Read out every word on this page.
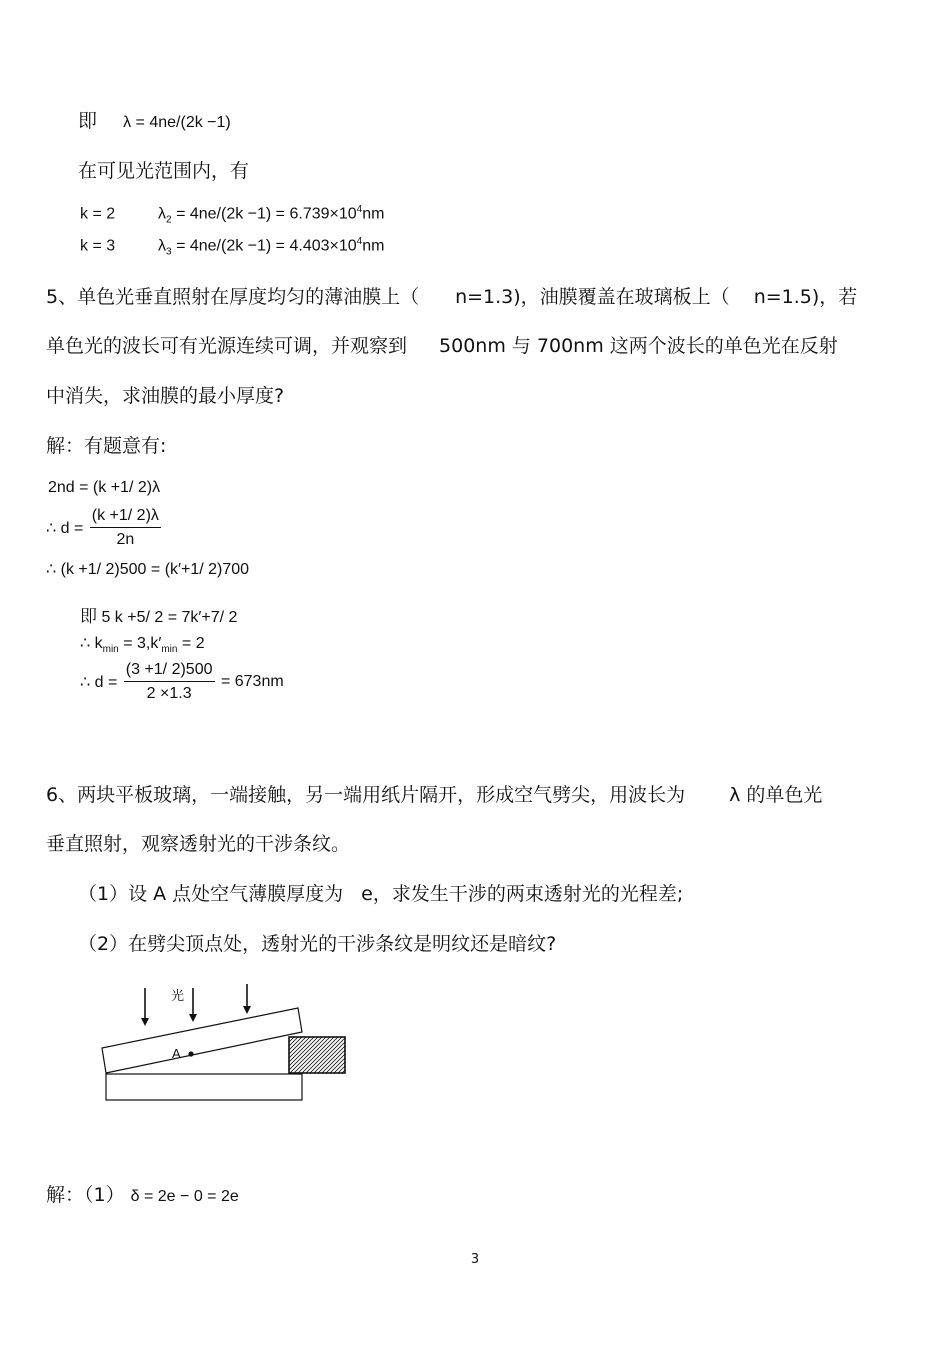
即 λ = 4ne/(2k −1)
在可见光范围内，有
k = 2	$\lambda_2 = 4ne/(2k -1) = 6.739\times 10^4nm$
k = 3	$\lambda_3 = 4ne/(2k -1) = 4.403\times 10^4nm$
5、单色光垂直照射在厚度均匀的薄油膜上（ n=1.3)，油膜覆盖在玻璃板上（ n=1.5)，若
单色光的波长可有光源连续可调，并观察到 500nm 与 700nm 这两个波长的单色光在反射
中消失，求油膜的最小厚度?
解：有题意有:
2nd = (k +1/ 2)λ
∴ $d = \frac{(k +1/ 2)\lambda}{2n}$
∴ (k +1/ 2)500 = (k′+1/ 2)700
即 5 k +5/ 2 = 7k′+7/ 2
∴ $k_{min} = 3,k'_{min} = 2$
∴ $d = \frac{(3 +1/ 2)500}{2 \times 1.3} = 673nm$
6、两块平板玻璃，一端接触，另一端用纸片隔开，形成空气劈尖，用波长为 λ 的单色光
垂直照射，观察透射光的干涉条纹。
（1）设 A 点处空气薄膜厚度为 e，求发生干涉的两束透射光的光程差;
（2）在劈尖顶点处，透射光的干涉条纹是明纹还是暗纹?
光
A
解：（1） δ = 2e − 0 = 2e
3
